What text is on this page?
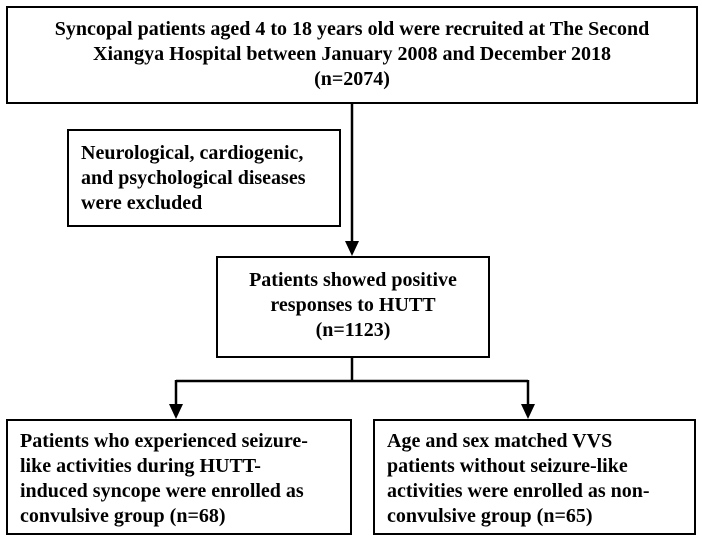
Syncopal patients aged 4 to 18 years old were recruited at The Second
Xiangya Hospital between January 2008 and December 2018
(n=2074)
Neurological, cardiogenic,
and psychological diseases
were excluded
Patients showed positive
responses to HUTT
(n=1123)
Patients who experienced seizure-
like activities during HUTT-
induced syncope were enrolled as
convulsive group (n=68)
Age and sex matched VVS
patients without seizure-like
activities were enrolled as non-
convulsive group (n=65)
